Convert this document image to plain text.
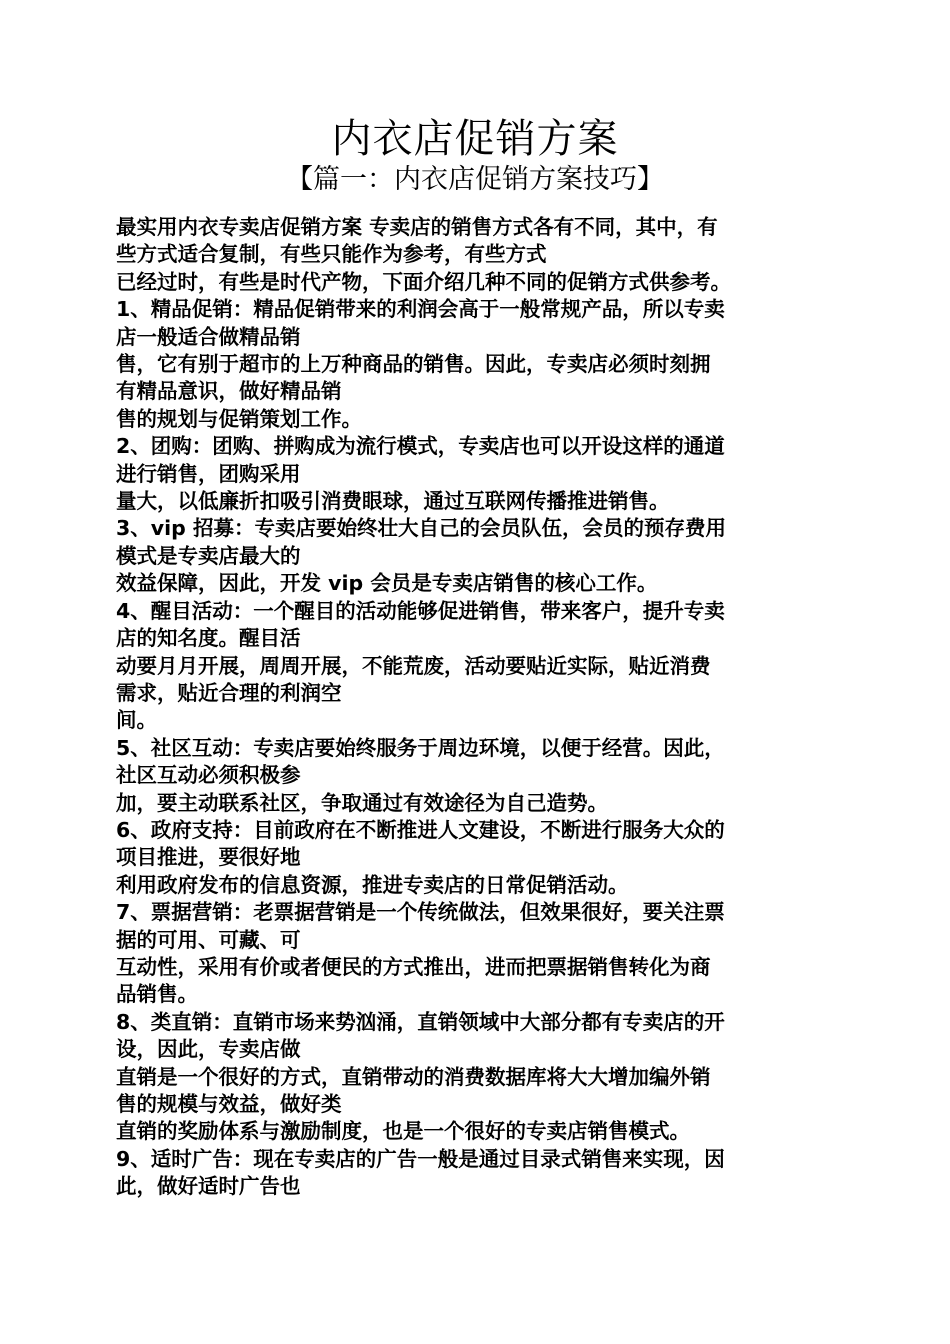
内衣店促销方案
【篇一：内衣店促销方案技巧】
最实用内衣专卖店促销方案 专卖店的销售方式各有不同，其中，有
些方式适合复制，有些只能作为参考，有些方式
已经过时，有些是时代产物，下面介绍几种不同的促销方式供参考。
1、精品促销：精品促销带来的利润会高于一般常规产品，所以专卖
店一般适合做精品销
售，它有别于超市的上万种商品的销售。因此，专卖店必须时刻拥
有精品意识，做好精品销
售的规划与促销策划工作。
2、团购：团购、拼购成为流行模式，专卖店也可以开设这样的通道
进行销售，团购采用
量大，以低廉折扣吸引消费眼球，通过互联网传播推进销售。
3、vip 招募：专卖店要始终壮大自己的会员队伍，会员的预存费用
模式是专卖店最大的
效益保障，因此，开发 vip 会员是专卖店销售的核心工作。
4、醒目活动：一个醒目的活动能够促进销售，带来客户，提升专卖
店的知名度。醒目活
动要月月开展，周周开展，不能荒废，活动要贴近实际，贴近消费
需求，贴近合理的利润空
间。
5、社区互动：专卖店要始终服务于周边环境，以便于经营。因此，
社区互动必须积极参
加，要主动联系社区，争取通过有效途径为自己造势。
6、政府支持：目前政府在不断推进人文建设，不断进行服务大众的
项目推进，要很好地
利用政府发布的信息资源，推进专卖店的日常促销活动。
7、票据营销：老票据营销是一个传统做法，但效果很好，要关注票
据的可用、可藏、可
互动性，采用有价或者便民的方式推出，进而把票据销售转化为商
品销售。
8、类直销：直销市场来势汹涌，直销领域中大部分都有专卖店的开
设，因此，专卖店做
直销是一个很好的方式，直销带动的消费数据库将大大增加编外销
售的规模与效益，做好类
直销的奖励体系与激励制度，也是一个很好的专卖店销售模式。
9、适时广告：现在专卖店的广告一般是通过目录式销售来实现，因
此，做好适时广告也
